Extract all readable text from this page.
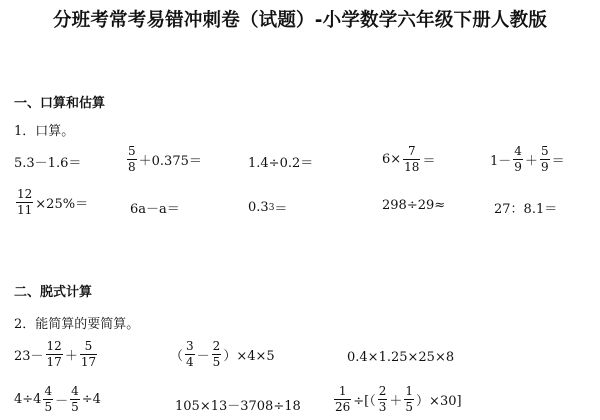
分班考常考易错冲刺卷（试题）-小学数学六年级下册人教版
一、口算和估算
1．口算。
5.3－1.6＝	$\frac{5}{8} +0.375=$	1.4÷0.2＝	$6\times \frac{7}{18}$ ＝	$1- \frac{4}{9} + \frac{5}{9}$ ＝
$\frac{12}{11} \times 25\%=$	6a－a＝	0.3 3 ＝	298÷29≈	27：8.1＝
二、脱式计算
2．能简算的要简算。
$23- \frac{12}{17} + \frac{5}{17}$	（ $\frac{3}{4} - \frac{2}{5} )\times 4\times 5$	0.4×1.25×25×8
$4\div 4 \frac{4}{5} - \frac{4}{5} \div 4$	105×13－3708÷18	$\frac{1}{26}$ ÷[（ $\frac{2}{3} + \frac{1}{5} )\times 30$]
